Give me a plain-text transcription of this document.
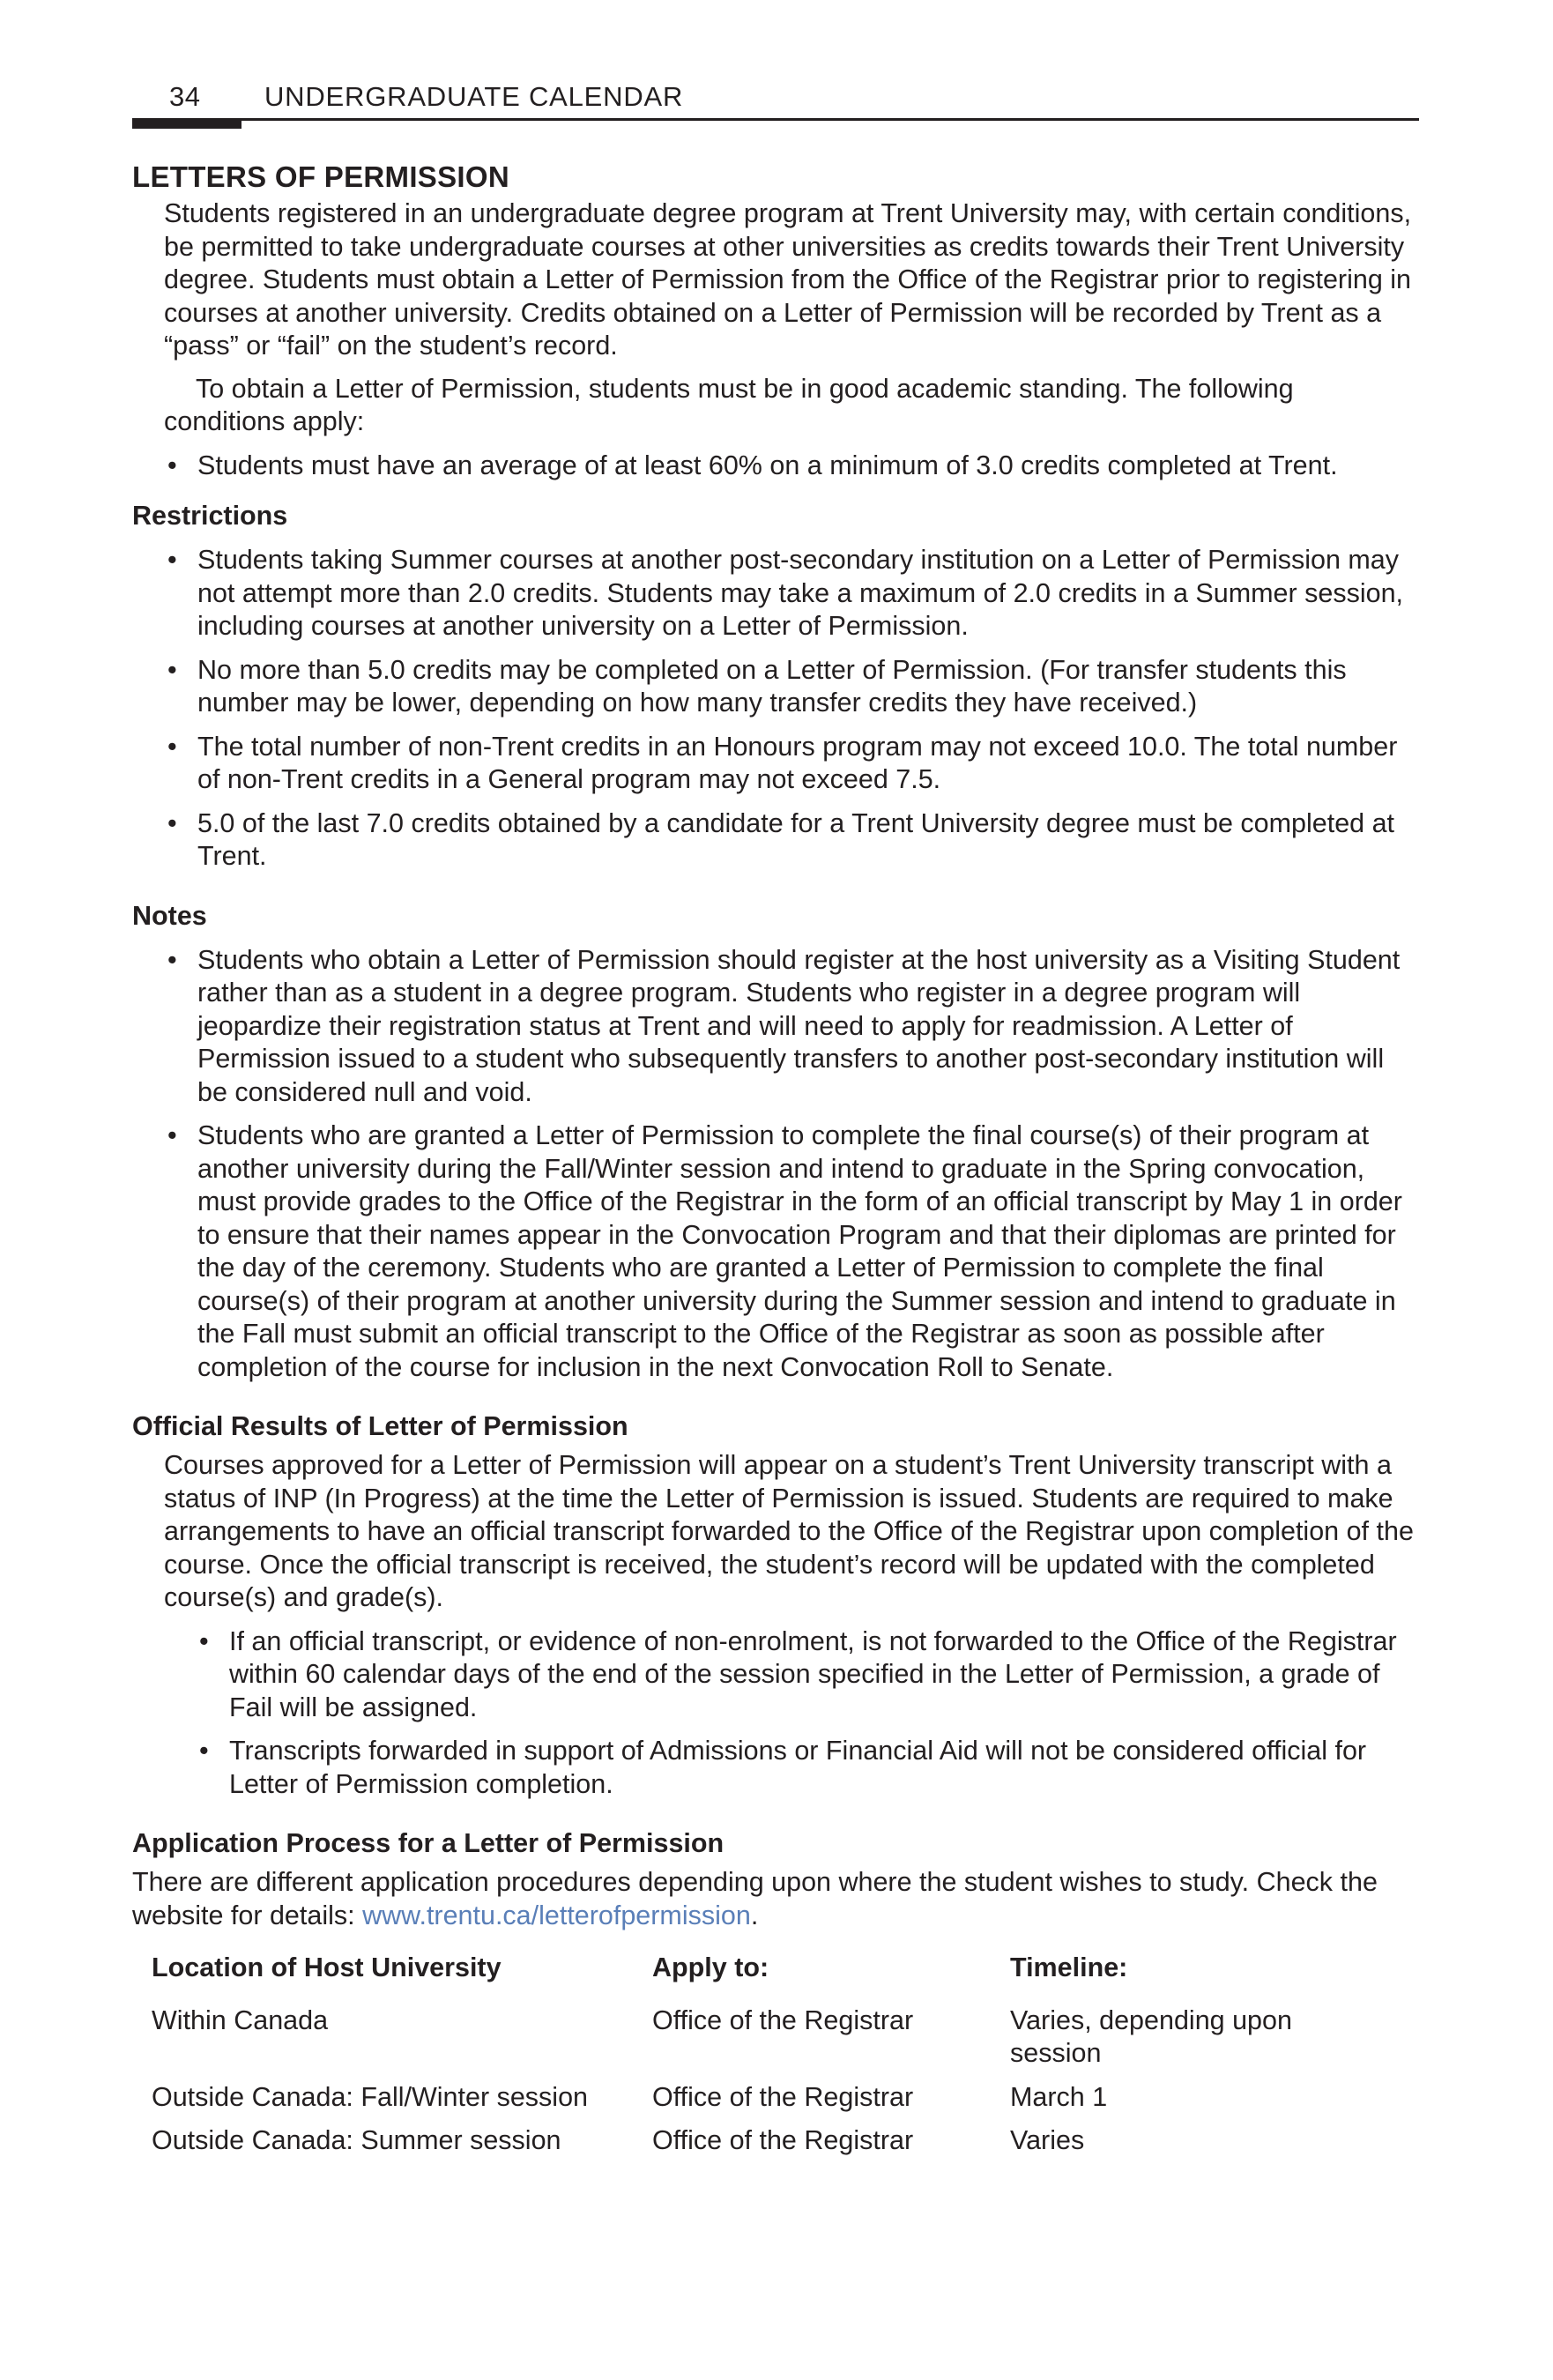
34 UNDERGRADUATE CALENDAR
LETTERS OF PERMISSION

Students registered in an undergraduate degree program at Trent University may, with certain conditions, be permitted to take undergraduate courses at other universities as credits towards their Trent University degree. Students must obtain a Letter of Permission from the Office of the Registrar prior to registering in courses at another university. Credits obtained on a Letter of Permission will be recorded by Trent as a “pass” or “fail” on the student’s record.

To obtain a Letter of Permission, students must be in good academic standing. The following conditions apply:

• Students must have an average of at least 60% on a minimum of 3.0 credits completed at Trent.
Restrictions
• Students taking Summer courses at another post-secondary institution on a Letter of Permission may not attempt more than 2.0 credits. Students may take a maximum of 2.0 credits in a Summer session, including courses at another university on a Letter of Permission.
• No more than 5.0 credits may be completed on a Letter of Permission. (For transfer students this number may be lower, depending on how many transfer credits they have received.)
• The total number of non-Trent credits in an Honours program may not exceed 10.0. The total number of non-Trent credits in a General program may not exceed 7.5.
• 5.0 of the last 7.0 credits obtained by a candidate for a Trent University degree must be completed at Trent.
Notes
• Students who obtain a Letter of Permission should register at the host university as a Visiting Student rather than as a student in a degree program. Students who register in a degree program will jeopardize their registration status at Trent and will need to apply for readmission. A Letter of Permission issued to a student who subsequently transfers to another post-secondary institution will be considered null and void.
• Students who are granted a Letter of Permission to complete the final course(s) of their program at another university during the Fall/Winter session and intend to graduate in the Spring convocation, must provide grades to the Office of the Registrar in the form of an official transcript by May 1 in order to ensure that their names appear in the Convocation Program and that their diplomas are printed for the day of the ceremony. Students who are granted a Letter of Permission to complete the final course(s) of their program at another university during the Summer session and intend to graduate in the Fall must submit an official transcript to the Office of the Registrar as soon as possible after completion of the course for inclusion in the next Convocation Roll to Senate.
Official Results of Letter of Permission

Courses approved for a Letter of Permission will appear on a student’s Trent University transcript with a status of INP (In Progress) at the time the Letter of Permission is issued. Students are required to make arrangements to have an official transcript forwarded to the Office of the Registrar upon completion of the course. Once the official transcript is received, the student’s record will be updated with the completed course(s) and grade(s).

• If an official transcript, or evidence of non-enrolment, is not forwarded to the Office of the Registrar within 60 calendar days of the end of the session specified in the Letter of Permission, a grade of Fail will be assigned.
• Transcripts forwarded in support of Admissions or Financial Aid will not be considered official for Letter of Permission completion.
Application Process for a Letter of Permission

There are different application procedures depending upon where the student wishes to study. Check the website for details: www.trentu.ca/letterofpermission.

Location of Host University	Apply to:	Timeline:
Within Canada	Office of the Registrar	Varies, depending upon session
Outside Canada: Fall/Winter session	Office of the Registrar	March 1
Outside Canada: Summer session	Office of the Registrar	Varies
